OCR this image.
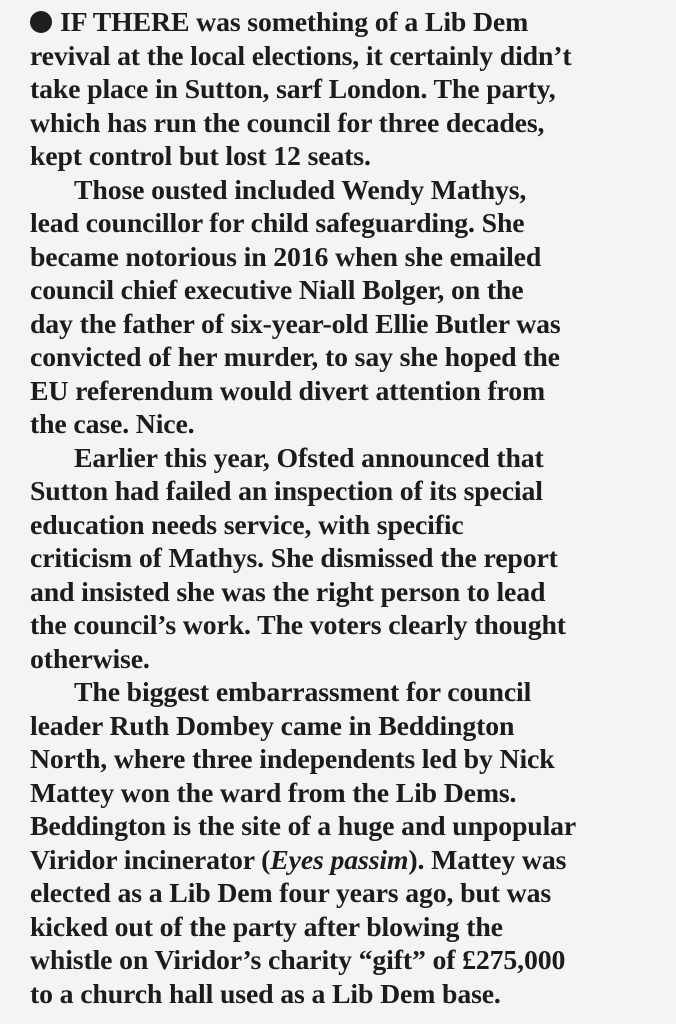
IF THERE was something of a Lib Dem
revival at the local elections, it certainly didn’t
take place in Sutton, sarf London. The party,
which has run the council for three decades,
kept control but lost 12 seats.

Those ousted included Wendy Mathys,
lead councillor for child safeguarding. She
became notorious in 2016 when she emailed
council chief executive Niall Bolger, on the
day the father of six-year-old Ellie Butler was
convicted of her murder, to say she hoped the
EU referendum would divert attention from
the case. Nice.

Earlier this year, Ofsted announced that
Sutton had failed an inspection of its special
education needs service, with specific
criticism of Mathys. She dismissed the report
and insisted she was the right person to lead
the council’s work. The voters clearly thought
otherwise.

The biggest embarrassment for council
leader Ruth Dombey came in Beddington
North, where three independents led by Nick
Mattey won the ward from the Lib Dems.
Beddington is the site of a huge and unpopular
Viridor incinerator (Eyes passim). Mattey was
elected as a Lib Dem four years ago, but was
kicked out of the party after blowing the
whistle on Viridor’s charity “gift” of £275,000
to a church hall used as a Lib Dem base.
